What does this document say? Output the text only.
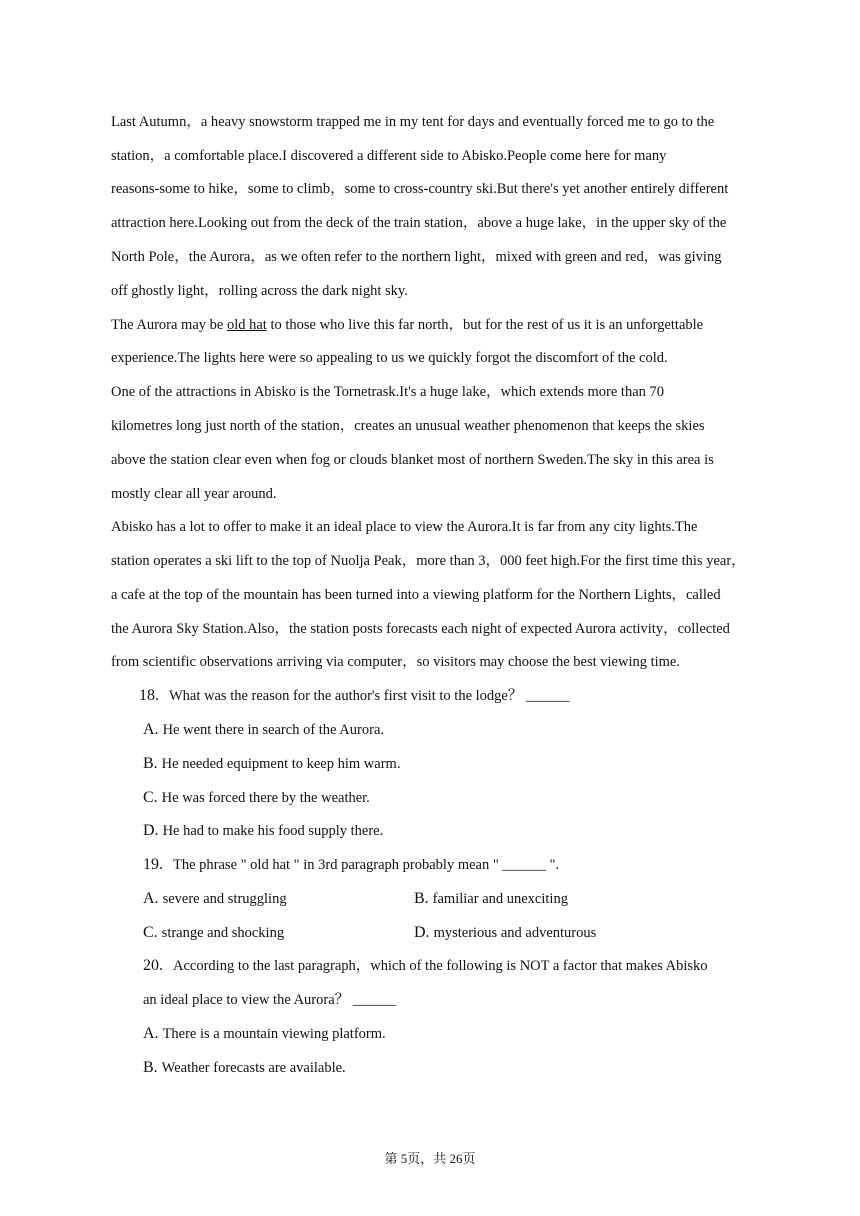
Last Autumn，a heavy snowstorm trapped me in my tent for days and eventually forced me to go to the
station，a comfortable place.I discovered a different side to Abisko.People come here for many
reasons-some to hike，some to climb，some to cross-country ski.But there's yet another entirely different
attraction here.Looking out from the deck of the train station，above a huge lake，in the upper sky of the
North Pole，the Aurora，as we often refer to the northern light，mixed with green and red，was giving
off ghostly light，rolling across the dark night sky.
The Aurora may be old hat to those who live this far north，but for the rest of us it is an unforgettable
experience.The lights here were so appealing to us we quickly forgot the discomfort of the cold.
One of the attractions in Abisko is the Tornetrask.It's a huge lake，which extends more than 70
kilometres long just north of the station，creates an unusual weather phenomenon that keeps the skies
above the station clear even when fog or clouds blanket most of northern Sweden.The sky in this area is
mostly clear all year around.
Abisko has a lot to offer to make it an ideal place to view the Aurora.It is far from any city lights.The
station operates a ski lift to the top of Nuolja Peak，more than 3，000 feet high.For the first time this year，
a cafe at the top of the mountain has been turned into a viewing platform for the Northern Lights，called
the Aurora Sky Station.Also，the station posts forecasts each night of expected Aurora activity，collected
from scientific observations arriving via computer，so visitors may choose the best viewing time.
18. What was the reason for the author's first visit to the lodge？ ______
A. He went there in search of the Aurora.
B. He needed equipment to keep him warm.
C. He was forced there by the weather.
D. He had to make his food supply there.
19. The phrase " old hat " in 3rd paragraph probably mean " ______ ".
A. severe and struggling	B. familiar and unexciting
C. strange and shocking	D. mysterious and adventurous
20. According to the last paragraph，which of the following is NOT a factor that makes Abisko
an ideal place to view the Aurora？ ______
A. There is a mountain viewing platform.
B. Weather forecasts are available.
第 5页，共 26页
